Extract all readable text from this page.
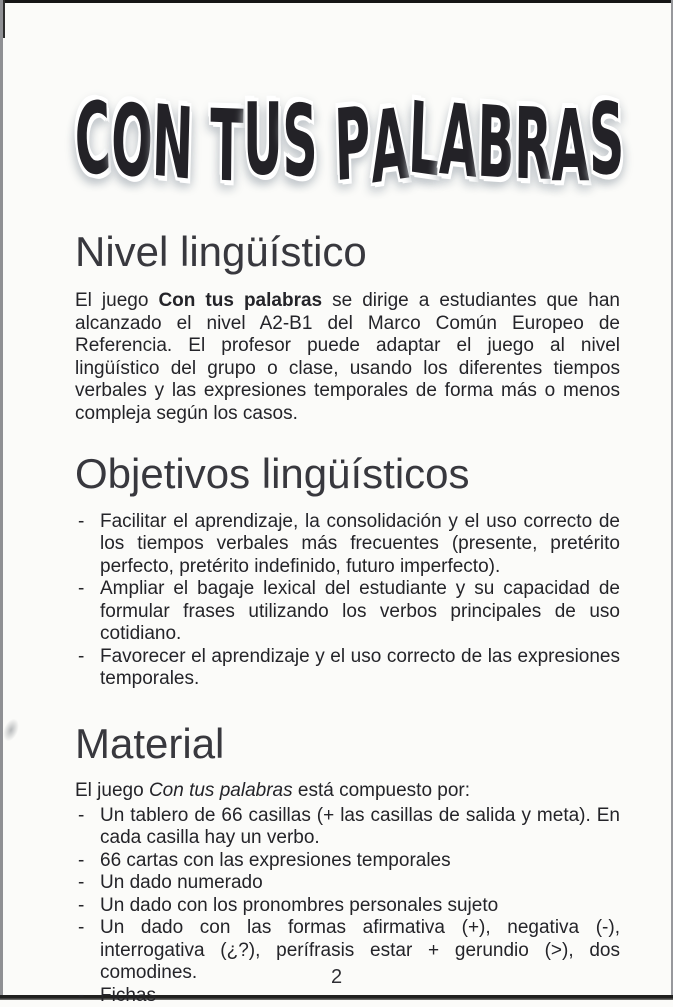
CON TUS PALABRAS
Nivel lingüístico

El juego Con tus palabras se dirige a estudiantes que han alcanzado el nivel A2-B1 del Marco Común Europeo de Referencia. El profesor puede adaptar el juego al nivel lingüístico del grupo o clase, usando los diferentes tiempos verbales y las expresiones temporales de forma más o menos compleja según los casos.

Objetivos lingüísticos
- Facilitar el aprendizaje, la consolidación y el uso correcto de los tiempos verbales más frecuentes (presente, pretérito perfecto, pretérito indefinido, futuro imperfecto).
- Ampliar el bagaje lexical del estudiante y su capacidad de formular frases utilizando los verbos principales de uso cotidiano.
- Favorecer el aprendizaje y el uso correcto de las expresiones temporales.
Material

El juego Con tus palabras está compuesto por:

- Un tablero de 66 casillas (+ las casillas de salida y meta). En cada casilla hay un verbo.
- 66 cartas con las expresiones temporales
- Un dado numerado
- Un dado con los pronombres personales sujeto
- Un dado con las formas afirmativa (+), negativa (-), interrogativa (¿?), perífrasis estar + gerundio (>), dos comodines.
- Fichas
2
